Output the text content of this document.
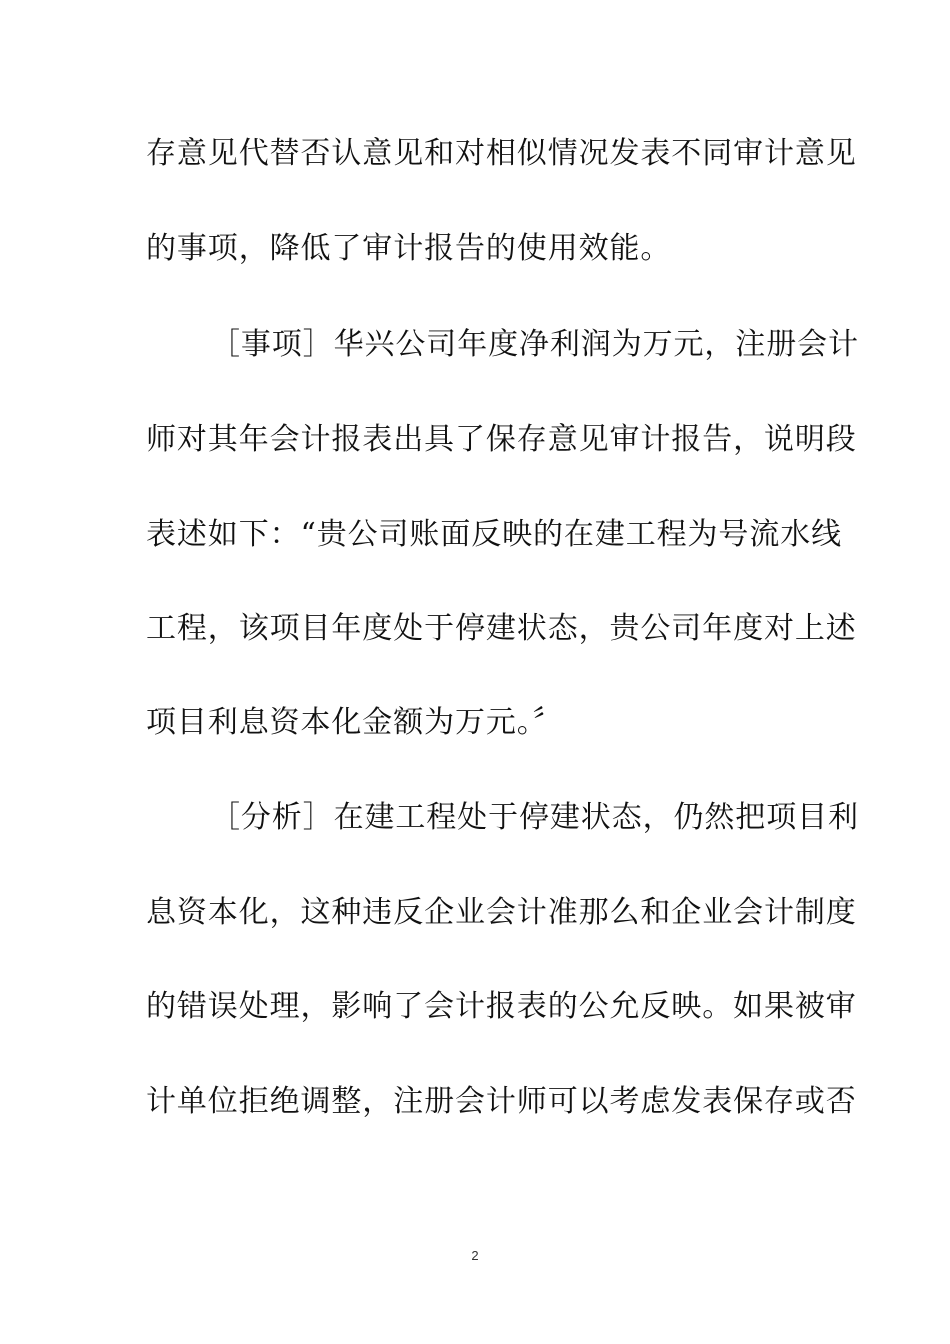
存意见代替否认意见和对相似情况发表不同审计意见
的事项，降低了审计报告的使用效能。
［事项］华兴公司年度净利润为万元，注册会计
师对其年会计报表出具了保存意见审计报告，说明段
表述如下：“贵公司账面反映的在建工程为号流水线
工程，该项目年度处于停建状态，贵公司年度对上述
项目利息资本化金额为万元。〞
［分析］在建工程处于停建状态，仍然把项目利
息资本化，这种违反企业会计准那么和企业会计制度
的错误处理，影响了会计报表的公允反映。如果被审
计单位拒绝调整，注册会计师可以考虑发表保存或否
2
